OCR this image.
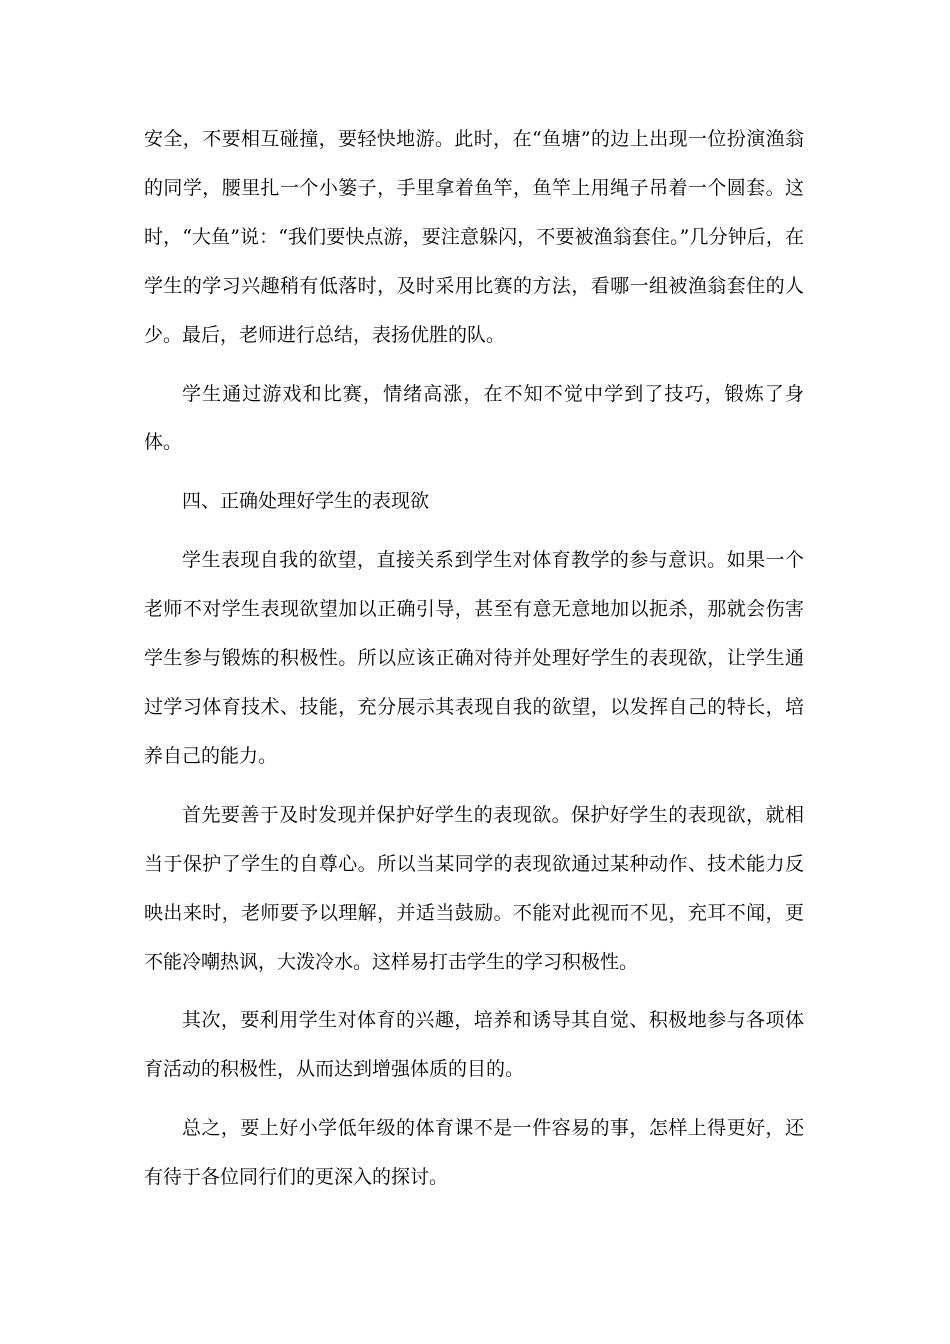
安全，不要相互碰撞，要轻快地游。此时，在“鱼塘”的边上出现一位扮演渔翁的同学，腰里扎一个小篓子，手里拿着鱼竿，鱼竿上用绳子吊着一个圆套。这时，“大鱼”说：“我们要快点游，要注意躲闪，不要被渔翁套住。”几分钟后，在学生的学习兴趣稍有低落时，及时采用比赛的方法，看哪一组被渔翁套住的人少。最后，老师进行总结，表扬优胜的队。

学生通过游戏和比赛，情绪高涨，在不知不觉中学到了技巧，锻炼了身体。

四、正确处理好学生的表现欲

学生表现自我的欲望，直接关系到学生对体育教学的参与意识。如果一个老师不对学生表现欲望加以正确引导，甚至有意无意地加以扼杀，那就会伤害学生参与锻炼的积极性。所以应该正确对待并处理好学生的表现欲，让学生通过学习体育技术、技能，充分展示其表现自我的欲望，以发挥自己的特长，培养自己的能力。

首先要善于及时发现并保护好学生的表现欲。保护好学生的表现欲，就相当于保护了学生的自尊心。所以当某同学的表现欲通过某种动作、技术能力反映出来时，老师要予以理解，并适当鼓励。不能对此视而不见，充耳不闻，更不能冷嘲热讽，大泼冷水。这样易打击学生的学习积极性。

其次，要利用学生对体育的兴趣，培养和诱导其自觉、积极地参与各项体育活动的积极性，从而达到增强体质的目的。

总之，要上好小学低年级的体育课不是一件容易的事，怎样上得更好，还有待于各位同行们的更深入的探讨。
